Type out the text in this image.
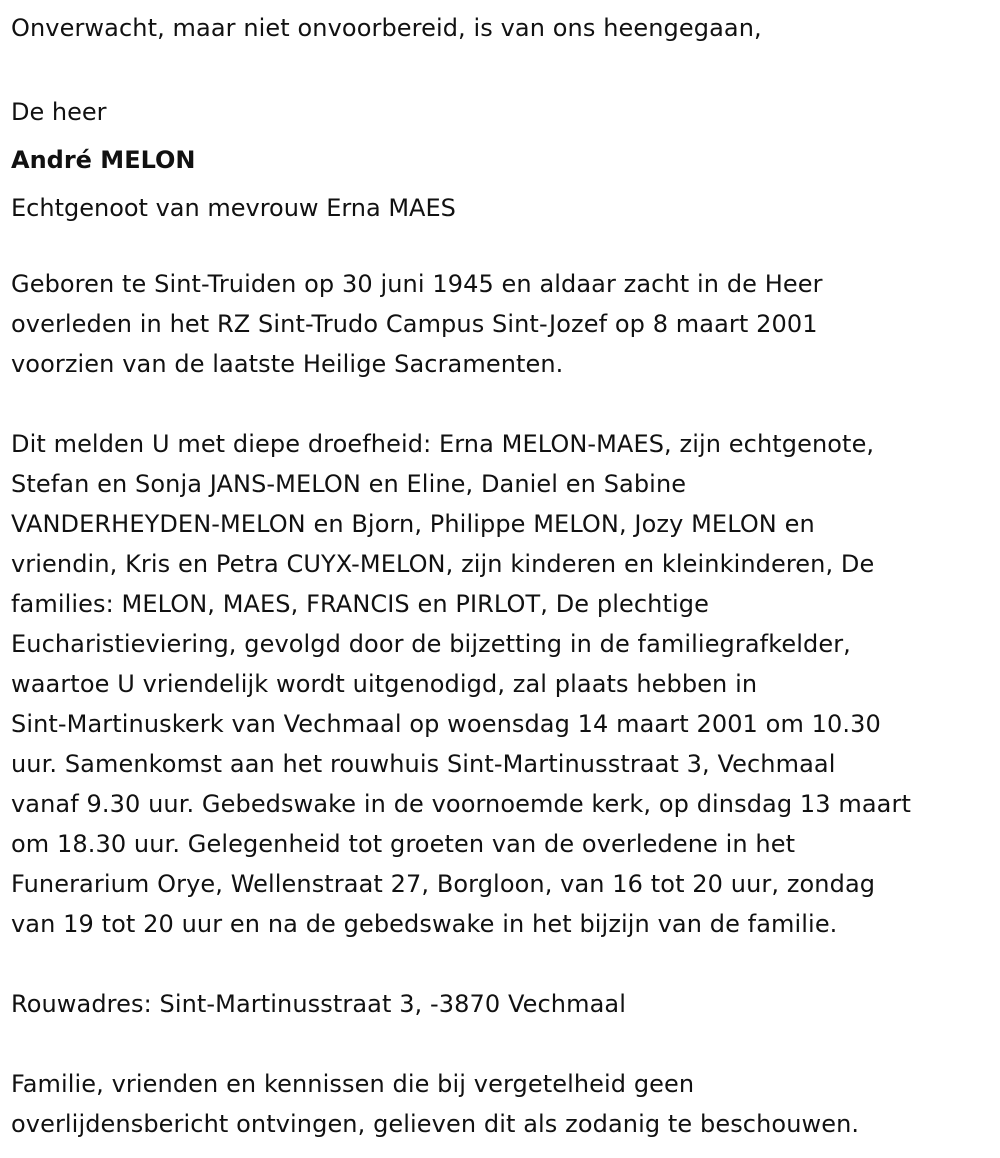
Onverwacht, maar niet onvoorbereid, is van ons heengegaan,
De heer
André MELON
Echtgenoot van mevrouw Erna MAES
Geboren te Sint-Truiden op 30 juni 1945 en aldaar zacht in de Heer
overleden in het RZ Sint-Trudo Campus Sint-Jozef op 8 maart 2001
voorzien van de laatste Heilige Sacramenten.
Dit melden U met diepe droefheid: Erna MELON-MAES, zijn echtgenote,
Stefan en Sonja JANS-MELON en Eline, Daniel en Sabine
VANDERHEYDEN-MELON en Bjorn, Philippe MELON, Jozy MELON en
vriendin, Kris en Petra CUYX-MELON, zijn kinderen en kleinkinderen, De
families: MELON, MAES, FRANCIS en PIRLOT, De plechtige
Eucharistieviering, gevolgd door de bijzetting in de familiegrafkelder,
waartoe U vriendelijk wordt uitgenodigd, zal plaats hebben in
Sint-Martinuskerk van Vechmaal op woensdag 14 maart 2001 om 10.30
uur. Samenkomst aan het rouwhuis Sint-Martinusstraat 3, Vechmaal
vanaf 9.30 uur. Gebedswake in de voornoemde kerk, op dinsdag 13 maart
om 18.30 uur. Gelegenheid tot groeten van de overledene in het
Funerarium Orye, Wellenstraat 27, Borgloon, van 16 tot 20 uur, zondag
van 19 tot 20 uur en na de gebedswake in het bijzijn van de familie.
Rouwadres: Sint-Martinusstraat 3, -3870 Vechmaal
Familie, vrienden en kennissen die bij vergetelheid geen
overlijdensbericht ontvingen, gelieven dit als zodanig te beschouwen.
